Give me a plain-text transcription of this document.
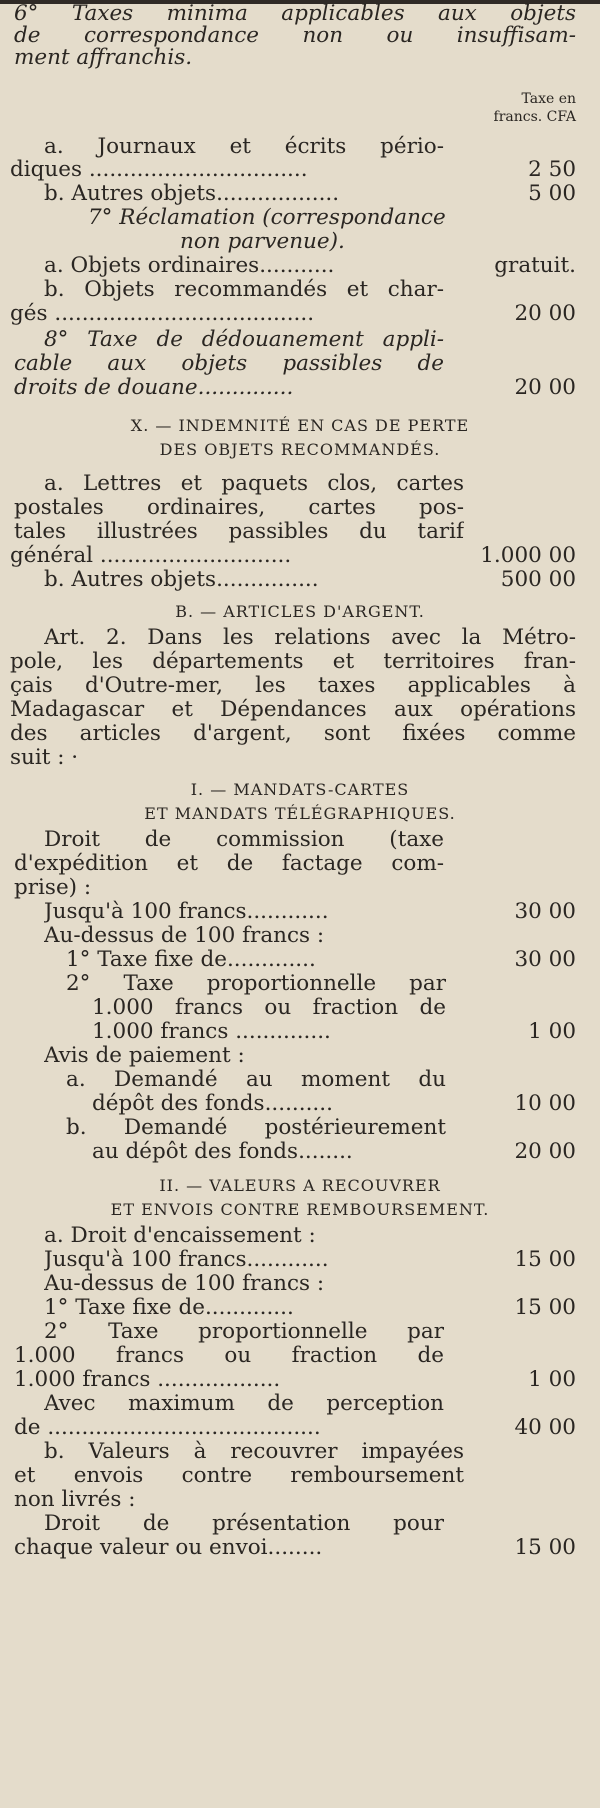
6° Taxes minima applicables aux objets
de correspondance non ou insuffisam-
ment affranchis.
Taxe en
francs. CFA
a. Journaux et écrits pério-
diques ................................	2 50
b. Autres objets..................	5 00
7° Réclamation (correspondance
non parvenue).
a. Objets ordinaires...........	gratuit.
b. Objets recommandés et char-
gés ......................................	20 00
8° Taxe de dédouanement appli-
cable aux objets passibles de
droits de douane..............	20 00
X. — INDEMNITÉ EN CAS DE PERTE
DES OBJETS RECOMMANDÉS.
a. Lettres et paquets clos, cartes
postales ordinaires, cartes pos-
tales illustrées passibles du tarif
général ............................	1.000 00
b. Autres objets...............	500 00
B. — ARTICLES D'ARGENT.
Art. 2. Dans les relations avec la Métro-
pole, les départements et territoires fran-
çais d'Outre-mer, les taxes applicables à
Madagascar et Dépendances aux opérations
des articles d'argent, sont fixées comme
suit : ·
I. — MANDATS-CARTES
ET MANDATS TÉLÉGRAPHIQUES.
Droit de commission (taxe
d'expédition et de factage com-
prise) :
Jusqu'à 100 francs............	30 00
Au-dessus de 100 francs :
1° Taxe fixe de.............	30 00
2° Taxe proportionnelle par
1.000 francs ou fraction de
1.000 francs ..............	1 00
Avis de paiement :
a. Demandé au moment du
dépôt des fonds..........	10 00
b. Demandé postérieurement
au dépôt des fonds........	20 00
II. — VALEURS A RECOUVRER
ET ENVOIS CONTRE REMBOURSEMENT.
a. Droit d'encaissement :
Jusqu'à 100 francs............	15 00
Au-dessus de 100 francs :
1° Taxe fixe de.............	15 00
2° Taxe proportionnelle par
1.000 francs ou fraction de
1.000 francs ..................	1 00
Avec maximum de perception
de ........................................	40 00
b. Valeurs à recouvrer impayées
et envois contre remboursement
non livrés :
Droit de présentation pour
chaque valeur ou envoi........	15 00
